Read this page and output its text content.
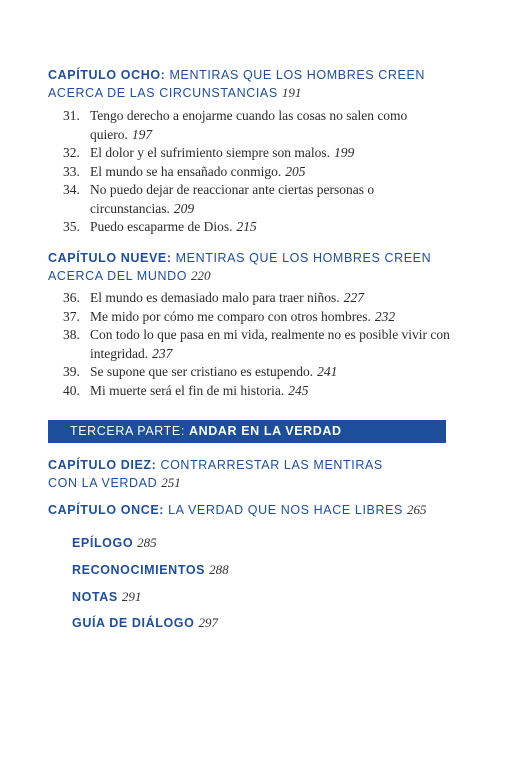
CAPÍTULO OCHO: MENTIRAS QUE LOS HOMBRES CREEN
ACERCA DE LAS CIRCUNSTANCIAS 191
31. Tengo derecho a enojarme cuando las cosas no salen como quiero. 197
32. El dolor y el sufrimiento siempre son malos. 199
33. El mundo se ha ensañado conmigo. 205
34. No puedo dejar de reaccionar ante ciertas personas o circunstancias. 209
35. Puedo escaparme de Dios. 215
CAPÍTULO NUEVE: MENTIRAS QUE LOS HOMBRES CREEN
ACERCA DEL MUNDO 220
36. El mundo es demasiado malo para traer niños. 227
37. Me mido por cómo me comparo con otros hombres. 232
38. Con todo lo que pasa en mi vida, realmente no es posible vivir con integridad. 237
39. Se supone que ser cristiano es estupendo. 241
40. Mi muerte será el fin de mi historia. 245
TERCERA PARTE: ANDAR EN LA VERDAD
CAPÍTULO DIEZ: CONTRARRESTAR LAS MENTIRAS
CON LA VERDAD 251
CAPÍTULO ONCE: LA VERDAD QUE NOS HACE LIBRES 265
EPÍLOGO 285
RECONOCIMIENTOS 288
NOTAS 291
GUÍA DE DIÁLOGO 297
